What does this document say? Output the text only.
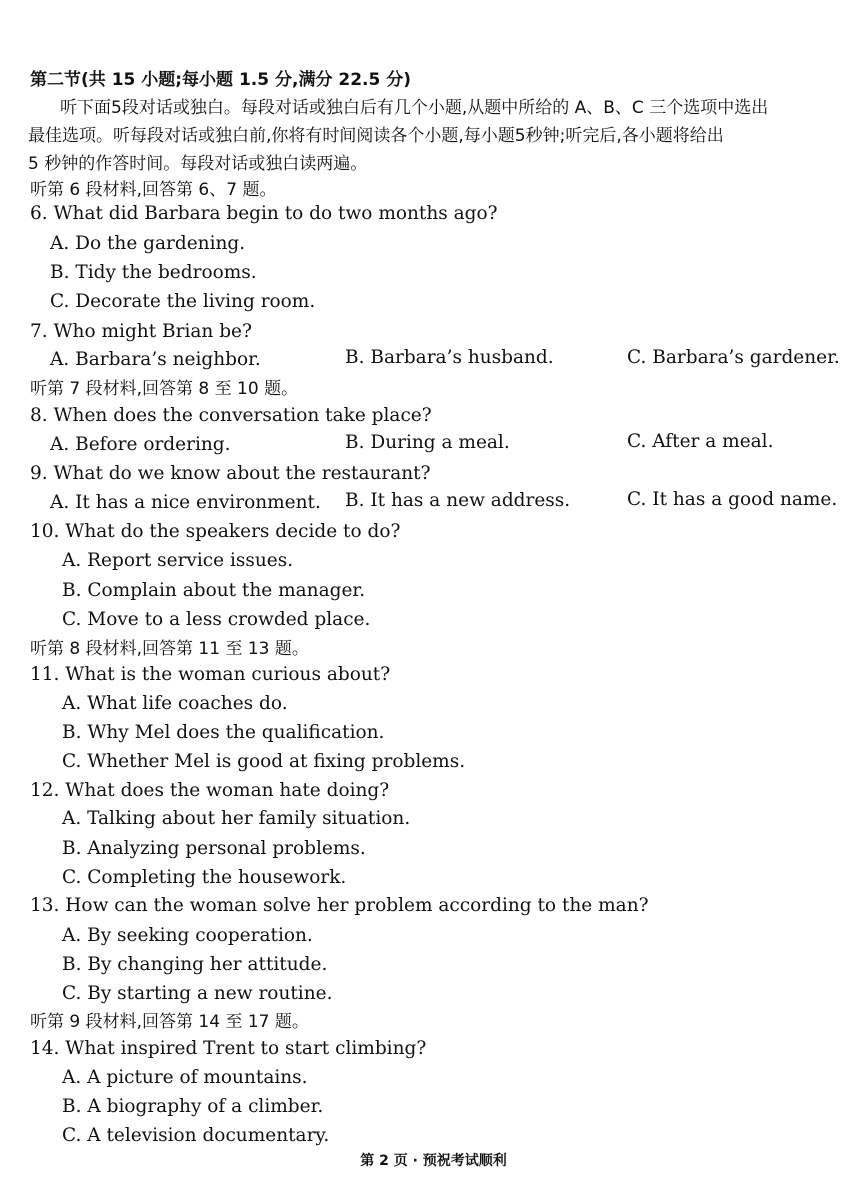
第二节(共 15 小题;每小题 1.5 分,满分 22.5 分)
听下面5段对话或独白。每段对话或独白后有几个小题,从题中所给的 A、B、C 三个选项中选出
最佳选项。听每段对话或独白前,你将有时间阅读各个小题,每小题5秒钟;听完后,各小题将给出
5 秒钟的作答时间。每段对话或独白读两遍。
听第 6 段材料,回答第 6、7 题。
6. What did Barbara begin to do two months ago?
A. Do the gardening.
B. Tidy the bedrooms.
C. Decorate the living room.
7. Who might Brian be?
A. Barbara’s neighbor.	B. Barbara’s husband.	C. Barbara’s gardener.
听第 7 段材料,回答第 8 至 10 题。
8. When does the conversation take place?
A. Before ordering.	B. During a meal.	C. After a meal.
9. What do we know about the restaurant?
A. It has a nice environment. B. It has a new address.	C. It has a good name.
10. What do the speakers decide to do?
A. Report service issues.
B. Complain about the manager.
C. Move to a less crowded place.
听第 8 段材料,回答第 11 至 13 题。
11. What is the woman curious about?
A. What life coaches do.
B. Why Mel does the qualification.
C. Whether Mel is good at fixing problems.
12. What does the woman hate doing?
A. Talking about her family situation.
B. Analyzing personal problems.
C. Completing the housework.
13. How can the woman solve her problem according to the man?
A. By seeking cooperation.
B. By changing her attitude.
C. By starting a new routine.
听第 9 段材料,回答第 14 至 17 题。
14. What inspired Trent to start climbing?
A. A picture of mountains.
B. A biography of a climber.
C. A television documentary.
第 2 页 · 预祝考试顺利
